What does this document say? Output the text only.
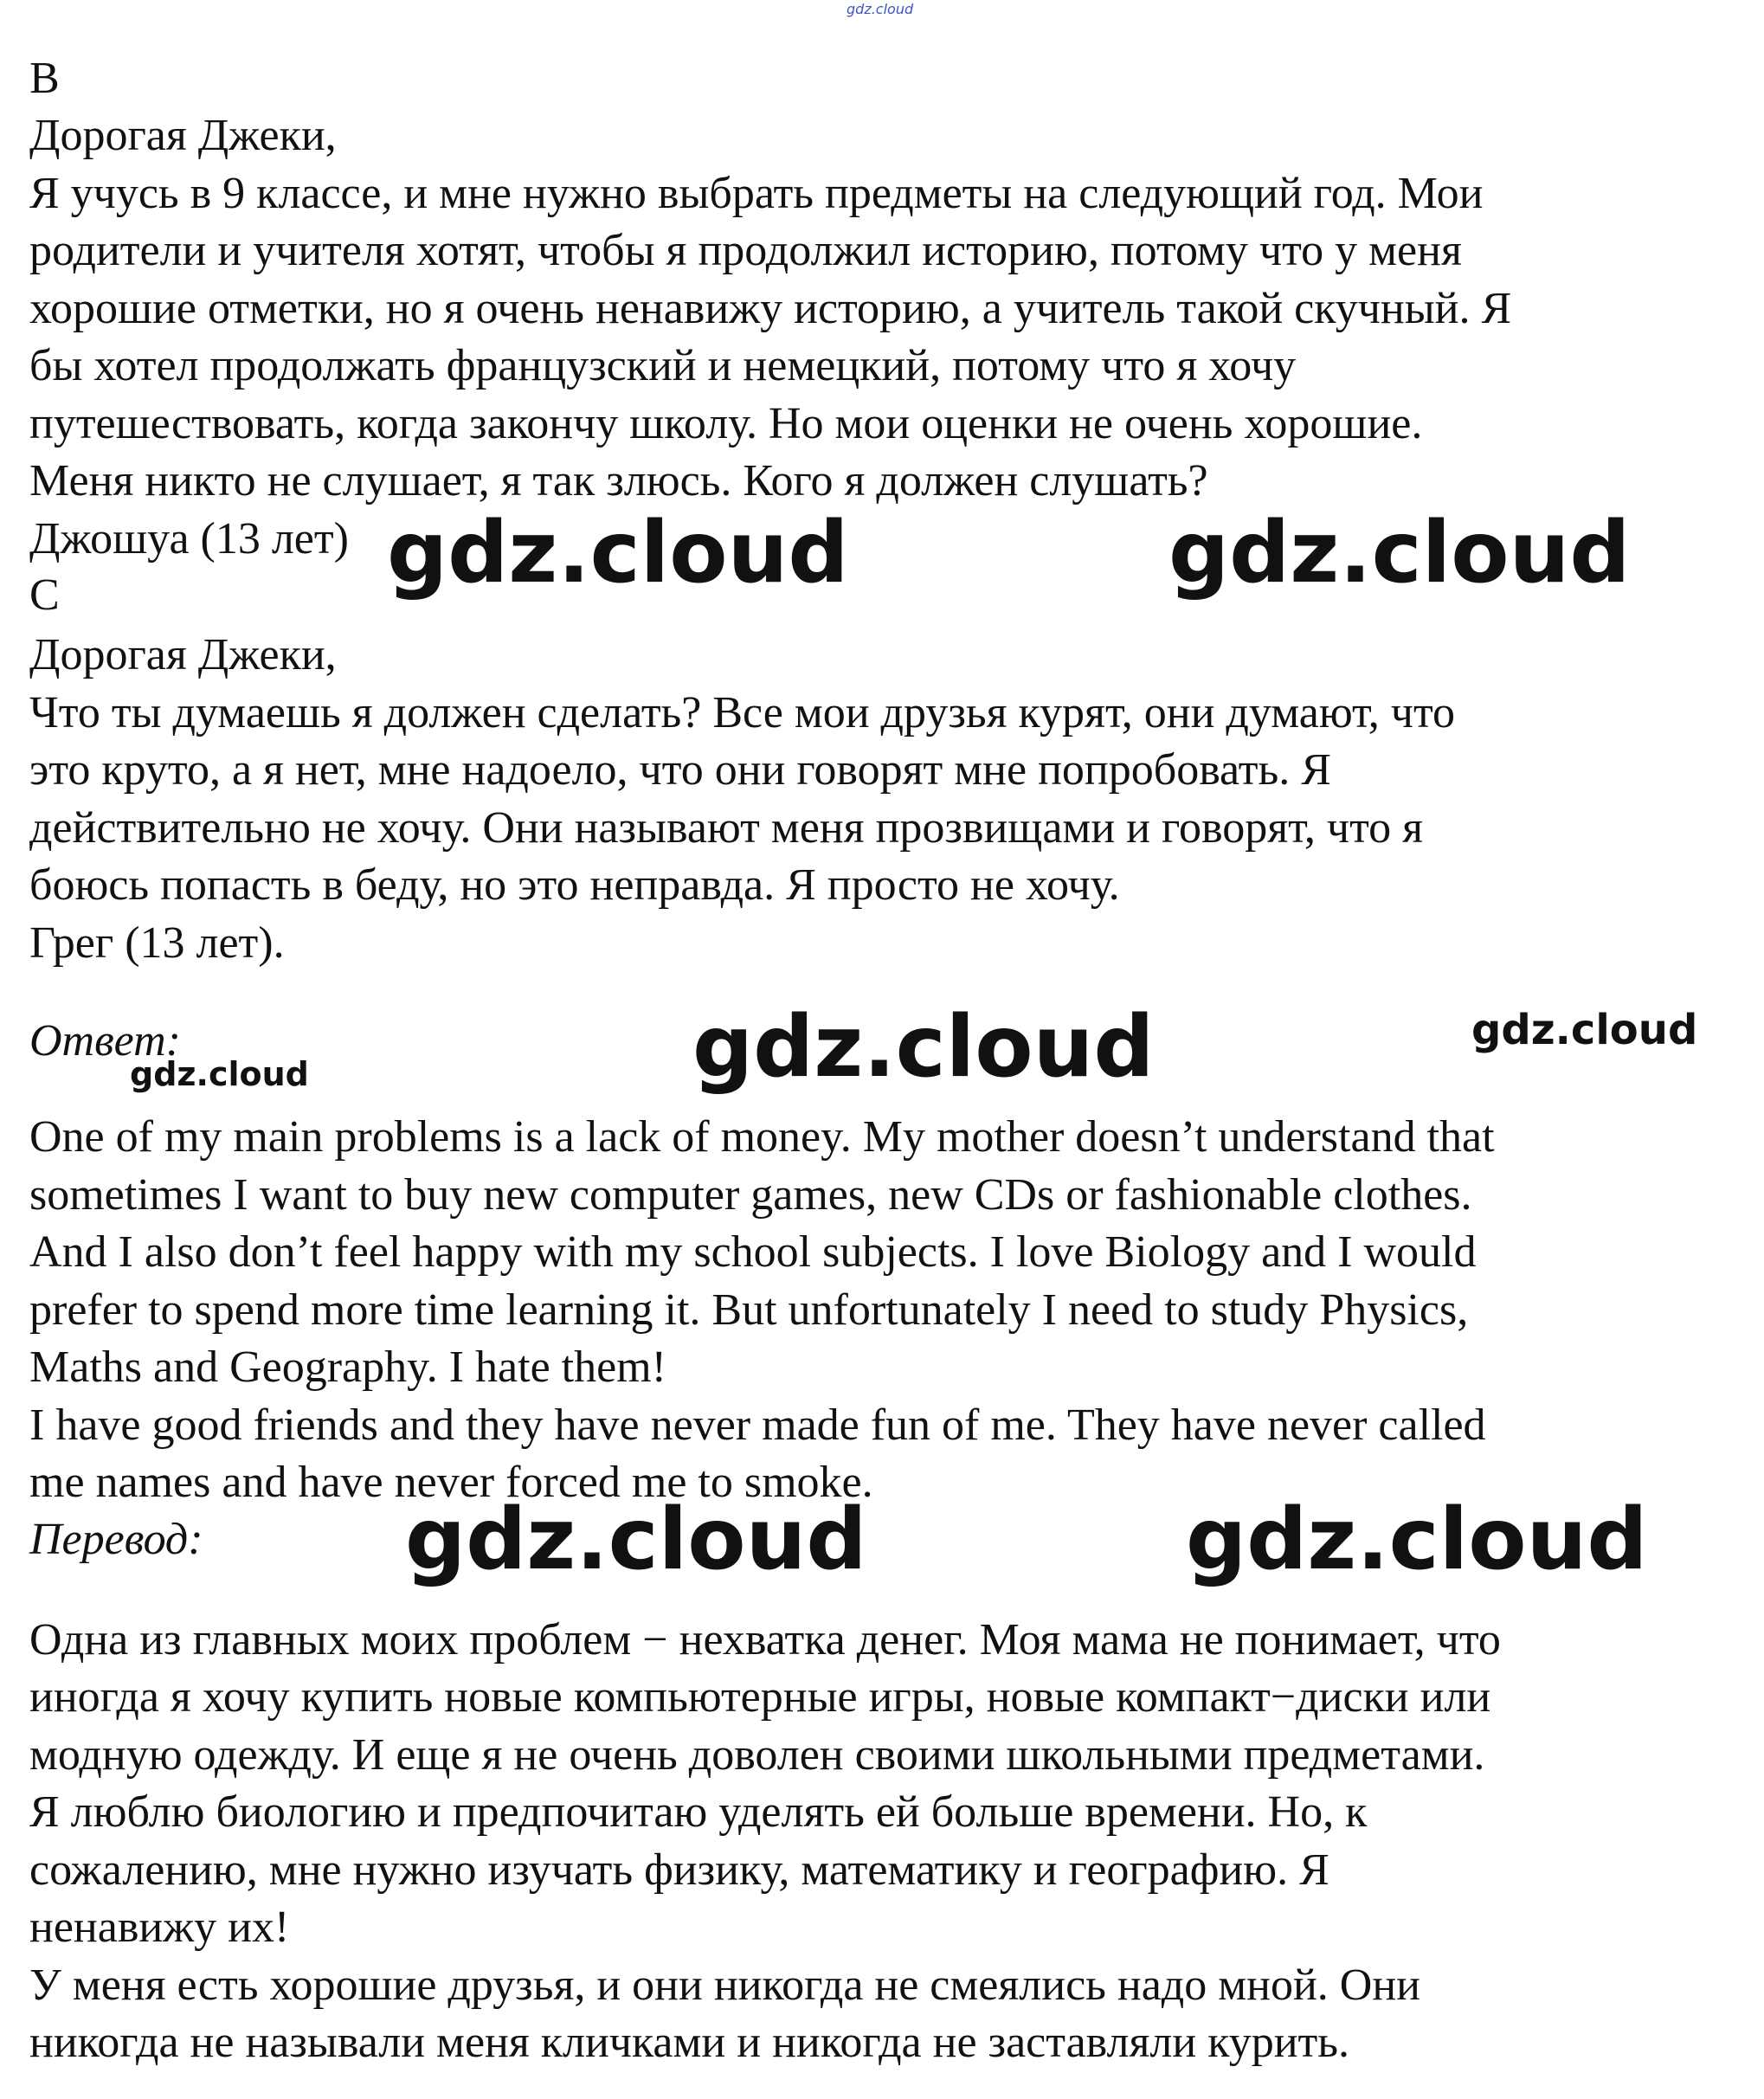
gdz.cloud
B
Дорогая Джеки,
Я учусь в 9 классе, и мне нужно выбрать предметы на следующий год. Мои
родители и учителя хотят, чтобы я продолжил историю, потому что у меня
хорошие отметки, но я очень ненавижу историю, а учитель такой скучный. Я
бы хотел продолжать французский и немецкий, потому что я хочу
путешествовать, когда закончу школу. Но мои оценки не очень хорошие.
Меня никто не слушает, я так злюсь. Кого я должен слушать?
Джошуа (13 лет) gdz.cloud	gdz.cloud
C
Дорогая Джеки,
Что ты думаешь я должен сделать? Все мои друзья курят, они думают, что
это круто, а я нет, мне надоело, что они говорят мне попробовать. Я
действительно не хочу. Они называют меня прозвищами и говорят, что я
боюсь попасть в беду, но это неправда. Я просто не хочу.
Грег (13 лет).
Ответ:
gdz.cloud	gdz.cloud	gdz.cloud
One of my main problems is a lack of money. My mother doesn’t understand that
sometimes I want to buy new computer games, new CDs or fashionable clothes.
And I also don’t feel happy with my school subjects. I love Biology and I would
prefer to spend more time learning it. But unfortunately I need to study Physics,
Maths and Geography. I hate them!
I have good friends and they have never made fun of me. They have never called
me names and have never forced me to smoke.
Перевод: gdz.cloud	gdz.cloud
Одна из главных моих проблем − нехватка денег. Моя мама не понимает, что
иногда я хочу купить новые компьютерные игры, новые компакт−диски или
модную одежду. И еще я не очень доволен своими школьными предметами.
Я люблю биологию и предпочитаю уделять ей больше времени. Но, к
сожалению, мне нужно изучать физику, математику и географию. Я
ненавижу их!
У меня есть хорошие друзья, и они никогда не смеялись надо мной. Они
никогда не называли меня кличками и никогда не заставляли курить.
